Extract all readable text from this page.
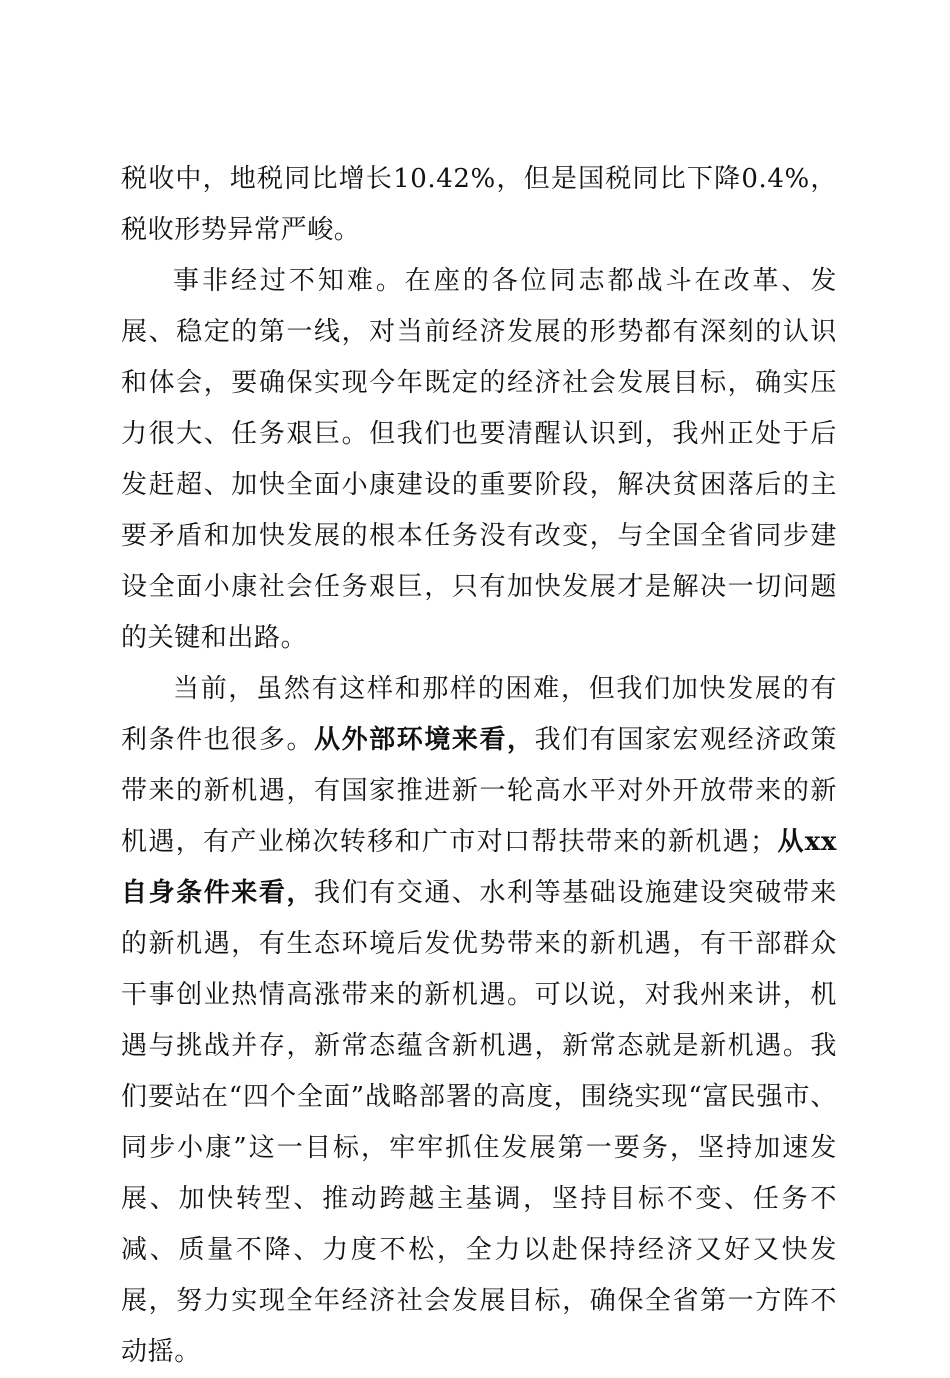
税收中，地税同比增长10.42%，但是国税同比下降0.4%，税收形势异常严峻。

事非经过不知难。在座的各位同志都战斗在改革、发展、稳定的第一线，对当前经济发展的形势都有深刻的认识和体会，要确保实现今年既定的经济社会发展目标，确实压力很大、任务艰巨。但我们也要清醒认识到，我州正处于后发赶超、加快全面小康建设的重要阶段，解决贫困落后的主要矛盾和加快发展的根本任务没有改变，与全国全省同步建设全面小康社会任务艰巨，只有加快发展才是解决一切问题的关键和出路。

当前，虽然有这样和那样的困难，但我们加快发展的有利条件也很多。从外部环境来看，我们有国家宏观经济政策带来的新机遇，有国家推进新一轮高水平对外开放带来的新机遇，有产业梯次转移和广市对口帮扶带来的新机遇；从xx自身条件来看，我们有交通、水利等基础设施建设突破带来的新机遇，有生态环境后发优势带来的新机遇，有干部群众干事创业热情高涨带来的新机遇。可以说，对我州来讲，机遇与挑战并存，新常态蕴含新机遇，新常态就是新机遇。我们要站在“四个全面”战略部署的高度，围绕实现“富民强市、同步小康”这一目标，牢牢抓住发展第一要务，坚持加速发展、加快转型、推动跨越主基调，坚持目标不变、任务不减、质量不降、力度不松，全力以赴保持经济又好又快发展，努力实现全年经济社会发展目标，确保全省第一方阵不动摇。
